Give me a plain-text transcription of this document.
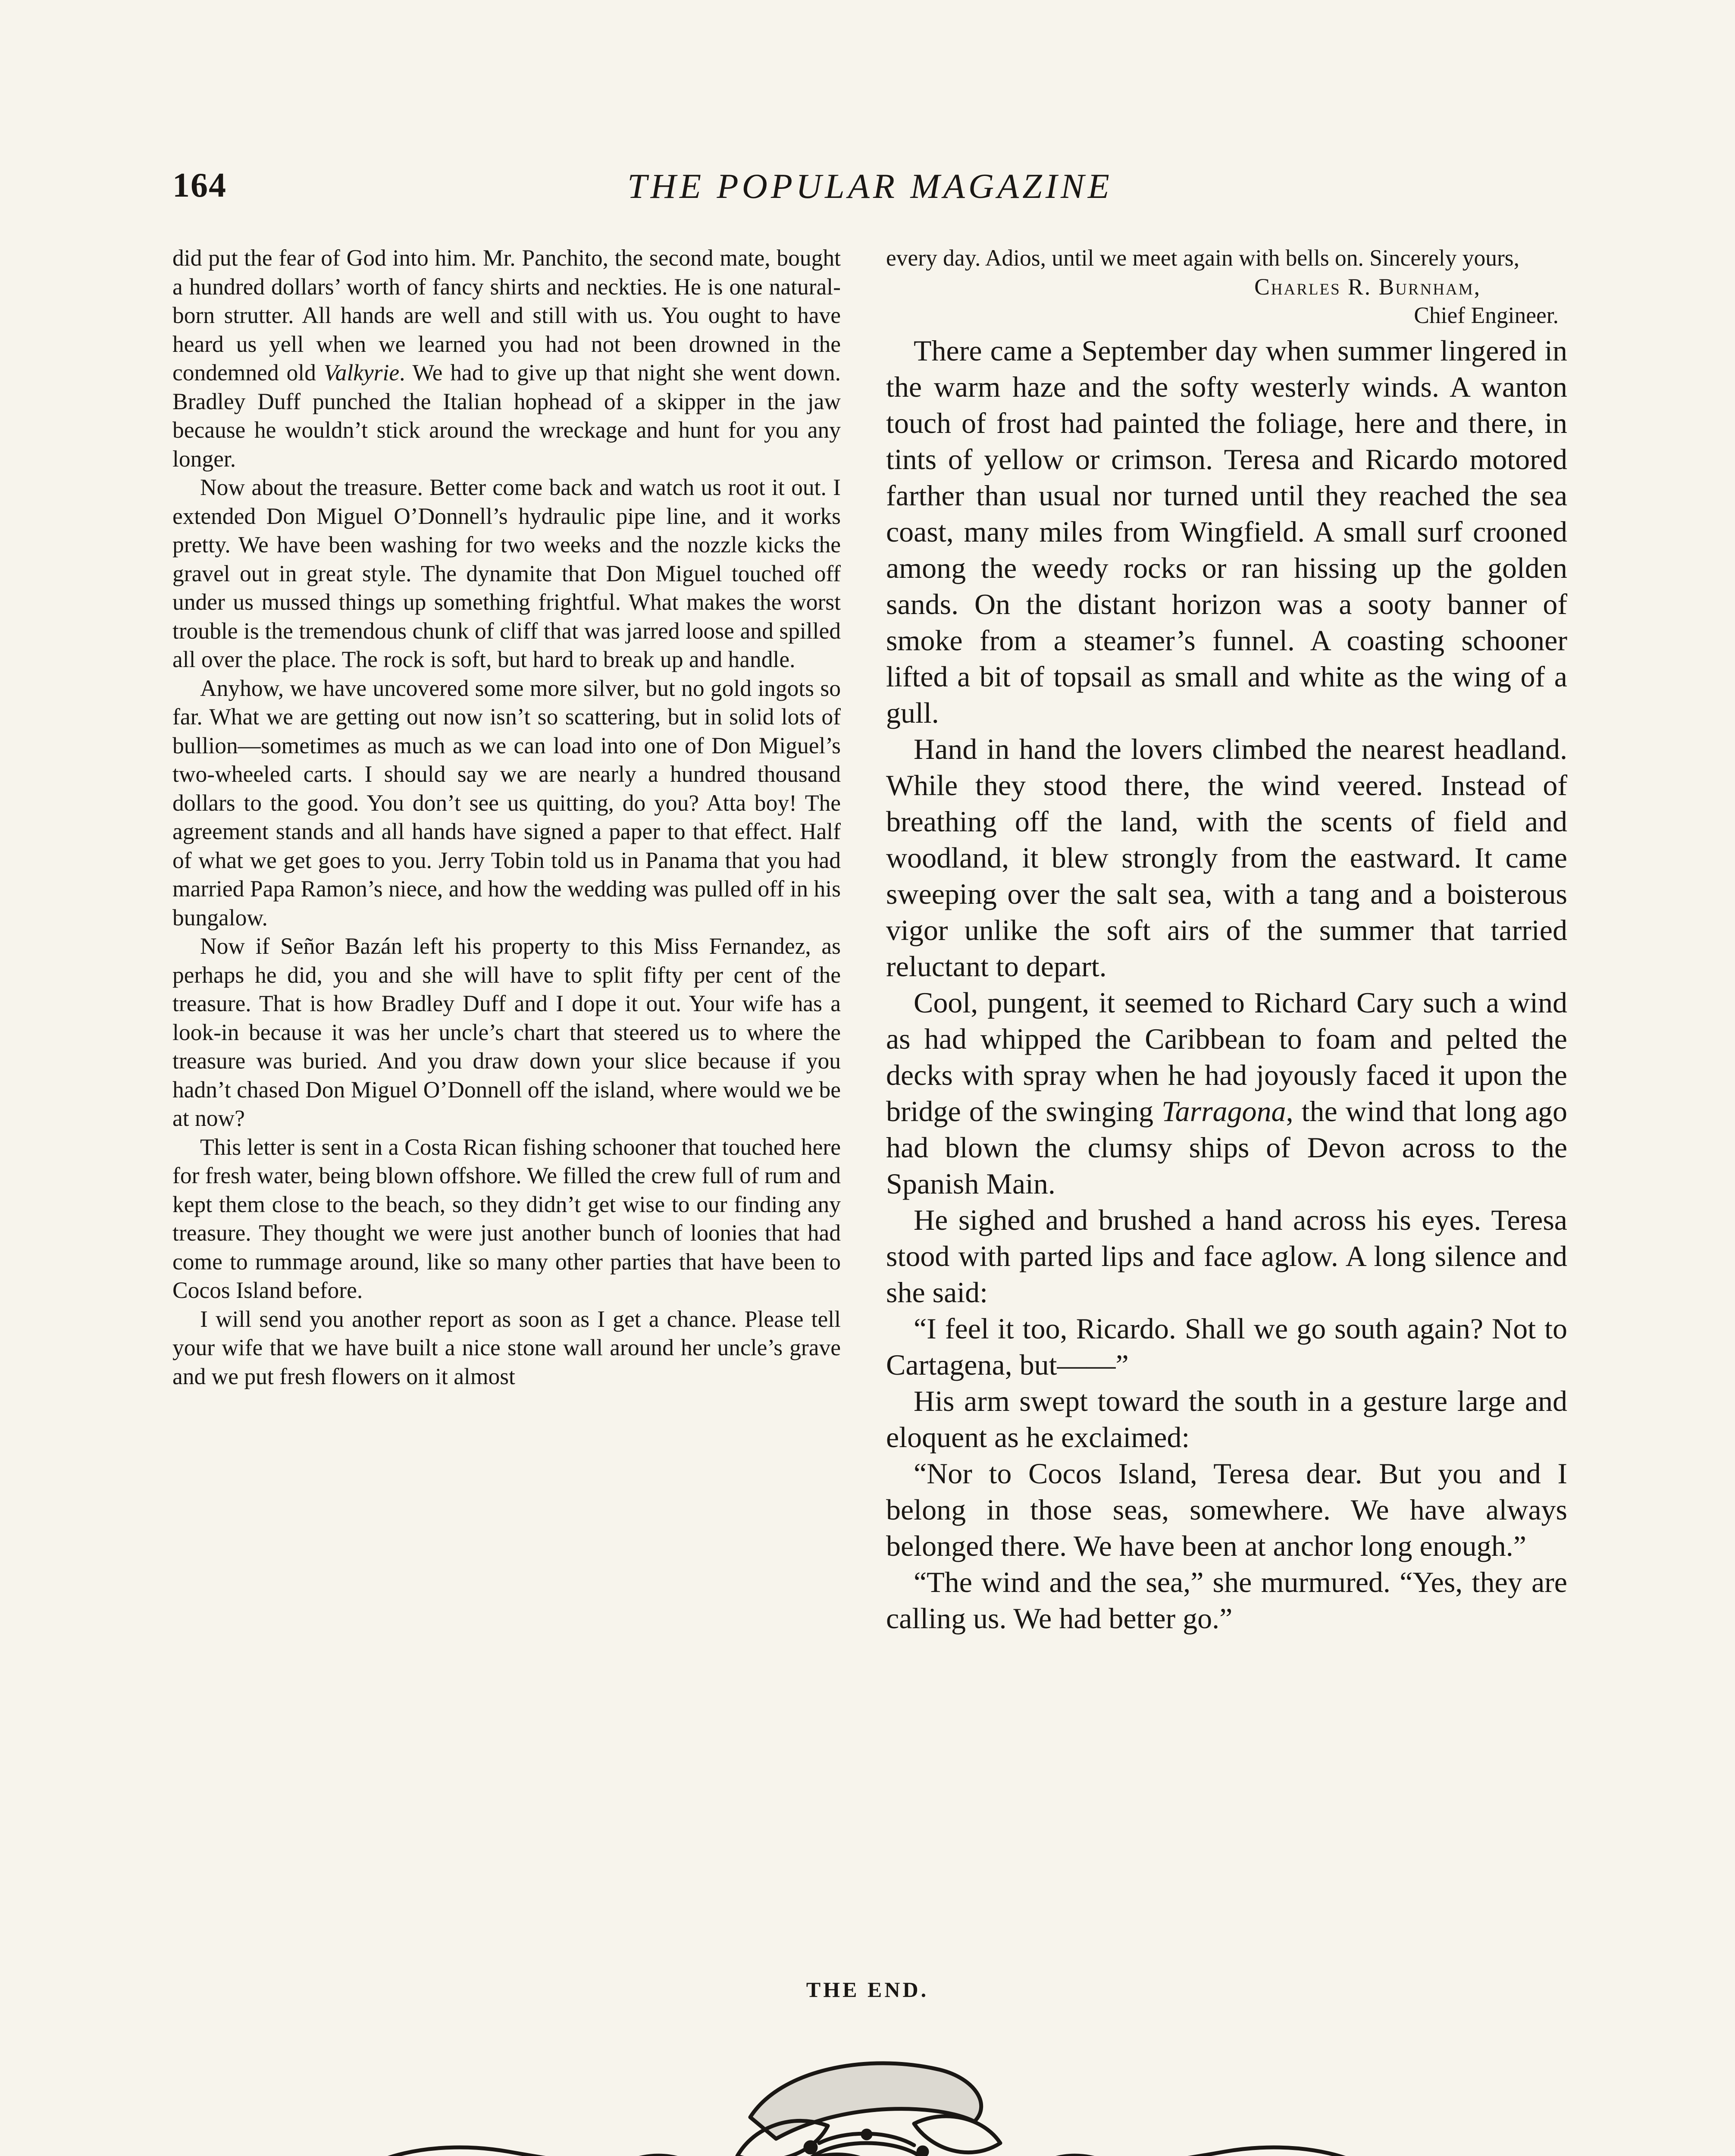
164	THE POPULAR MAGAZINE

did put the fear of God into him. Mr. Panchito, the second mate, bought a hundred dollars’ worth of fancy shirts and neckties. He is one natural-born strutter. All hands are well and still with us. You ought to have heard us yell when we learned you had not been drowned in the condemned old Valkyrie. We had to give up that night she went down. Bradley Duff punched the Italian hophead of a skipper in the jaw because he wouldn’t stick around the wreckage and hunt for you any longer.

Now about the treasure. Better come back and watch us root it out. I extended Don Miguel O’Donnell’s hydraulic pipe line, and it works pretty. We have been washing for two weeks and the nozzle kicks the gravel out in great style. The dynamite that Don Miguel touched off under us mussed things up something frightful. What makes the worst trouble is the tremendous chunk of cliff that was jarred loose and spilled all over the place. The rock is soft, but hard to break up and handle.

Anyhow, we have uncovered some more silver, but no gold ingots so far. What we are getting out now isn’t so scattering, but in solid lots of bullion—sometimes as much as we can load into one of Don Miguel’s two-wheeled carts. I should say we are nearly a hundred thousand dollars to the good. You don’t see us quitting, do you? Atta boy! The agreement stands and all hands have signed a paper to that effect. Half of what we get goes to you. Jerry Tobin told us in Panama that you had married Papa Ramon’s niece, and how the wedding was pulled off in his bungalow.

Now if Señor Bazán left his property to this Miss Fernandez, as perhaps he did, you and she will have to split fifty per cent of the treasure. That is how Bradley Duff and I dope it out. Your wife has a look-in because it was her uncle’s chart that steered us to where the treasure was buried. And you draw down your slice because if you hadn’t chased Don Miguel O’Donnell off the island, where would we be at now?

This letter is sent in a Costa Rican fishing schooner that touched here for fresh water, being blown offshore. We filled the crew full of rum and kept them close to the beach, so they didn’t get wise to our finding any treasure. They thought we were just another bunch of loonies that had come to rummage around, like so many other parties that have been to Cocos Island before.

I will send you another report as soon as I get a chance. Please tell your wife that we have built a nice stone wall around her uncle’s grave and we put fresh flowers on it almost

every day. Adios, until we meet again with bells on. Sincerely yours,

Charles R. Burnham,

Chief Engineer.

There came a September day when summer lingered in the warm haze and the softy westerly winds. A wanton touch of frost had painted the foliage, here and there, in tints of yellow or crimson. Teresa and Ricardo motored farther than usual nor turned until they reached the sea coast, many miles from Wingfield. A small surf crooned among the weedy rocks or ran hissing up the golden sands. On the distant horizon was a sooty banner of smoke from a steamer’s funnel. A coasting schooner lifted a bit of topsail as small and white as the wing of a gull.

Hand in hand the lovers climbed the nearest headland. While they stood there, the wind veered. Instead of breathing off the land, with the scents of field and woodland, it blew strongly from the eastward. It came sweeping over the salt sea, with a tang and a boisterous vigor unlike the soft airs of the summer that tarried reluctant to depart.

Cool, pungent, it seemed to Richard Cary such a wind as had whipped the Caribbean to foam and pelted the decks with spray when he had joyously faced it upon the bridge of the swinging Tarragona, the wind that long ago had blown the clumsy ships of Devon across to the Spanish Main.

He sighed and brushed a hand across his eyes. Teresa stood with parted lips and face aglow. A long silence and she said:

“I feel it too, Ricardo. Shall we go south again? Not to Cartagena, but——”

His arm swept toward the south in a gesture large and eloquent as he exclaimed:

“Nor to Cocos Island, Teresa dear. But you and I belong in those seas, somewhere. We have always belonged there. We have been at anchor long enough.”

“The wind and the sea,” she murmured. “Yes, they are calling us. We had better go.”

THE END.
